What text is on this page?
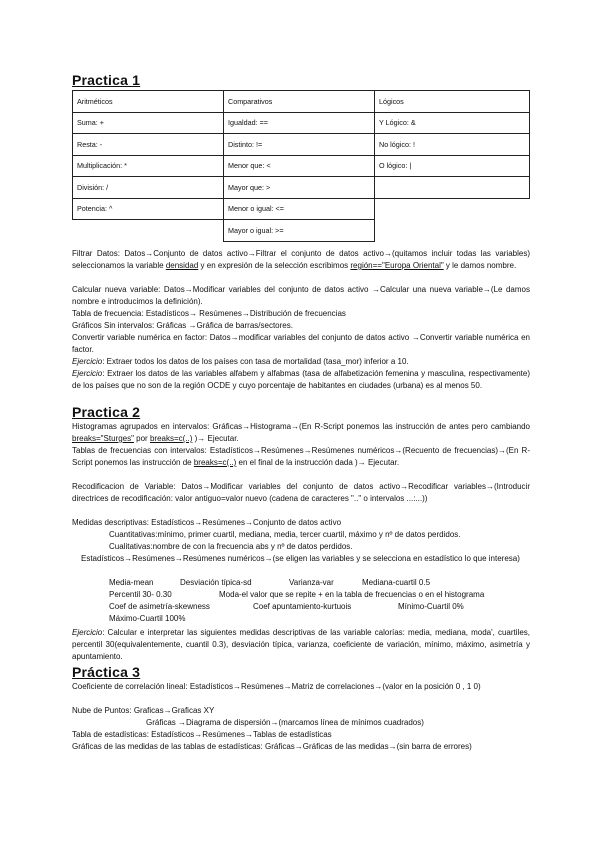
Practica 1
Aritméticos	Comparativos	Lógicos
Suma: +	Igualdad: ==	Y Lógico: &
Resta: -	Distinto: !=	No lógico: !
Multiplicación: *	Menor que: <	O lógico: |
División: /	Mayor que: >	
Potencia: ^	Menor o igual: <=	
	Mayor o igual: >=	
Filtrar Datos: Datos→Conjunto de datos activo→Filtrar el conjunto de datos activo→(quitamos incluir todas las variables) seleccionamos la variable densidad y en expresión de la selección escribimos región=="Europa Oriental" y le damos nombre.
Calcular nueva variable: Datos→Modificar variables del conjunto de datos activo →Calcular una nueva variable→(Le damos nombre e introducimos la definición).
Tabla de frecuencia: Estadísticos→ Resúmenes→Distribución de frecuencias
Gráficos Sin intervalos: Gráficas →Gráfica de barras/sectores.
Convertir variable numérica en factor: Datos→modificar variables del conjunto de datos activo →Convertir variable numérica en factor.
Ejercicio: Extraer todos los datos de los países con tasa de mortalidad (tasa_mor) inferior a 10.
Ejercicio: Extraer los datos de las variables alfabem y alfabmas (tasa de alfabetización femenina y masculina, respectivamente) de los países que no son de la región OCDE y cuyo porcentaje de habitantes en ciudades (urbana) es al menos 50.
Practica 2
Histogramas agrupados en intervalos: Gráficas→Histograma→(En R-Script ponemos las instrucción de antes pero cambiando breaks="Sturges" por breaks=c(..) )→ Ejecutar.
Tablas de frecuencias con intervalos: Estadísticos→Resúmenes→Resúmenes numéricos→(Recuento de frecuencias)→(En R-Script ponemos las instrucción de breaks=c(..) en el final de la instrucción dada )→ Ejecutar.
Recodificacion de Variable: Datos→Modificar variables del conjunto de datos activo→Recodificar variables→(Introducir directrices de recodificación: valor antiguo=valor nuevo (cadena de caracteres ".." o intervalos ...:...))
Medidas descriptivas: Estadísticos→Resúmenes→Conjunto de datos activo
Cuantitativas:mínimo, primer cuartil, mediana, media, tercer cuartil, máximo y nº de datos perdidos.
Cualitativas:nombre de con la frecuencia abs y nº de datos perdidos.
Estadísticos→Resúmenes→Resúmenes numéricos→(se eligen las variables y se selecciona en estadístico lo que interesa)
Media-mean	Desviación típica-sd	Varianza-var	Mediana-cuartil 0.5
Percentil 30- 0.30	Moda-el valor que se repite + en la tabla de frecuencias o en el histograma
Coef de asimetría-skewness	Coef apuntamiento-kurtuois	Mínimo-Cuartil 0%
Máximo-Cuartil 100%
Ejercicio: Calcular e interpretar las siguientes medidas descriptivas de las variable calorías: media, mediana, moda', cuartiles, percentil 30(equivalentemente, cuantil 0.3), desviación típica, varianza, coeficiente de variación, mínimo, máximo, asimetría y apuntamiento.
Práctica 3
Coeficiente de correlación lineal: Estadísticos→Resúmenes→Matriz de correlaciones→(valor en la posición 0 , 1 0)
Nube de Puntos: Graficas→Graficas XY
Gráficas →Diagrama de dispersión→(marcamos línea de mínimos cuadrados)
Tabla de estadísticas: Estadísticos→Resúmenes→Tablas de estadísticas
Gráficas de las medidas de las tablas de estadísticas: Gráficas→Gráficas de las medidas→(sin barra de errores)
